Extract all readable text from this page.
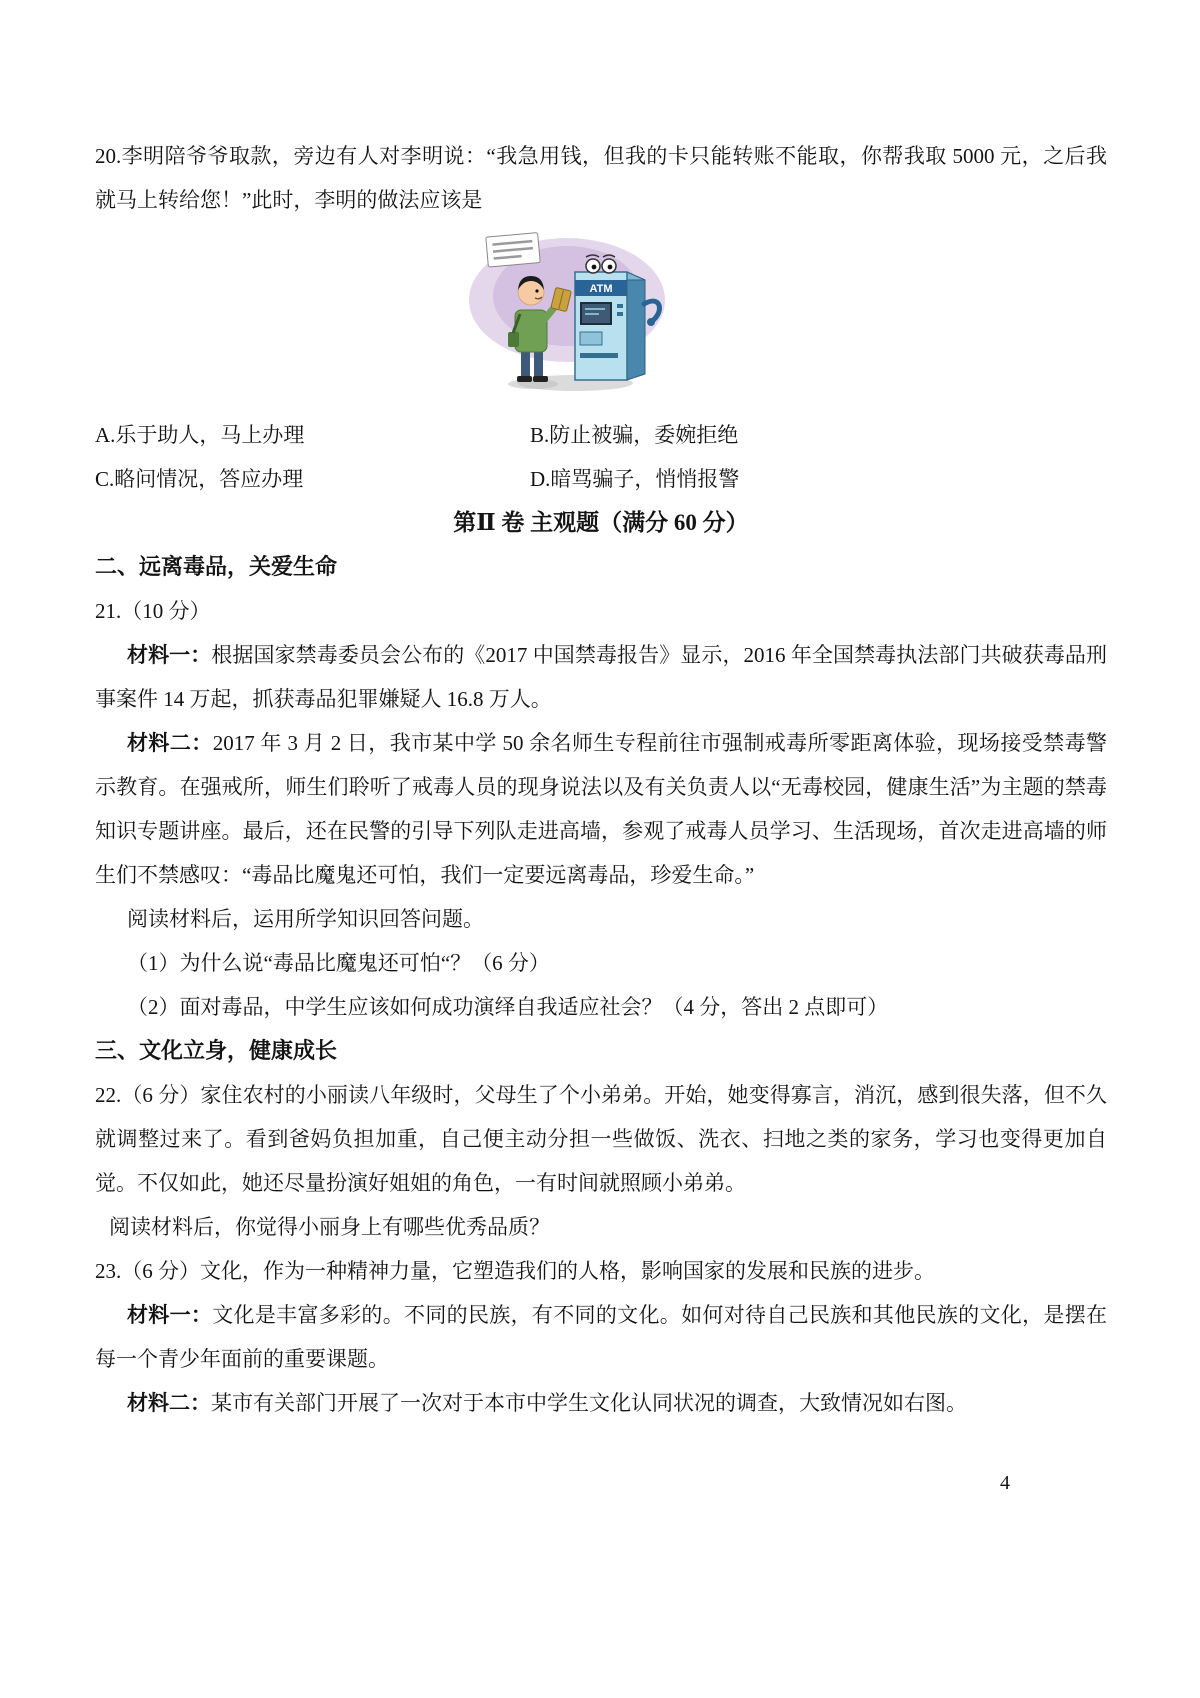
20.李明陪爷爷取款，旁边有人对李明说：“我急用钱，但我的卡只能转账不能取，你帮我取 5000 元，之后我就马上转给您！”此时，李明的做法应该是

ATM
A.乐于助人，马上办理	B.防止被骗，委婉拒绝
C.略问情况，答应办理	D.暗骂骗子，悄悄报警

第Ⅱ 卷 主观题（满分 60 分）

二、远离毒品，关爱生命

21.（10 分）

材料一：根据国家禁毒委员会公布的《2017 中国禁毒报告》显示，2016 年全国禁毒执法部门共破获毒品刑事案件 14 万起，抓获毒品犯罪嫌疑人 16.8 万人。

材料二：2017 年 3 月 2 日，我市某中学 50 余名师生专程前往市强制戒毒所零距离体验，现场接受禁毒警示教育。在强戒所，师生们聆听了戒毒人员的现身说法以及有关负责人以“无毒校园，健康生活”为主题的禁毒知识专题讲座。最后，还在民警的引导下列队走进高墙，参观了戒毒人员学习、生活现场，首次走进高墙的师生们不禁感叹：“毒品比魔鬼还可怕，我们一定要远离毒品，珍爱生命。”

阅读材料后，运用所学知识回答问题。

（1）为什么说“毒品比魔鬼还可怕“？（6 分）

（2）面对毒品，中学生应该如何成功演绎自我适应社会？（4 分，答出 2 点即可）

三、文化立身，健康成长

22.（6 分）家住农村的小丽读八年级时，父母生了个小弟弟。开始，她变得寡言，消沉，感到很失落，但不久就调整过来了。看到爸妈负担加重，自己便主动分担一些做饭、洗衣、扫地之类的家务，学习也变得更加自觉。不仅如此，她还尽量扮演好姐姐的角色，一有时间就照顾小弟弟。

阅读材料后，你觉得小丽身上有哪些优秀品质？

23.（6 分）文化，作为一种精神力量，它塑造我们的人格，影响国家的发展和民族的进步。

材料一：文化是丰富多彩的。不同的民族，有不同的文化。如何对待自己民族和其他民族的文化，是摆在每一个青少年面前的重要课题。

材料二：某市有关部门开展了一次对于本市中学生文化认同状况的调查，大致情况如右图。

4
